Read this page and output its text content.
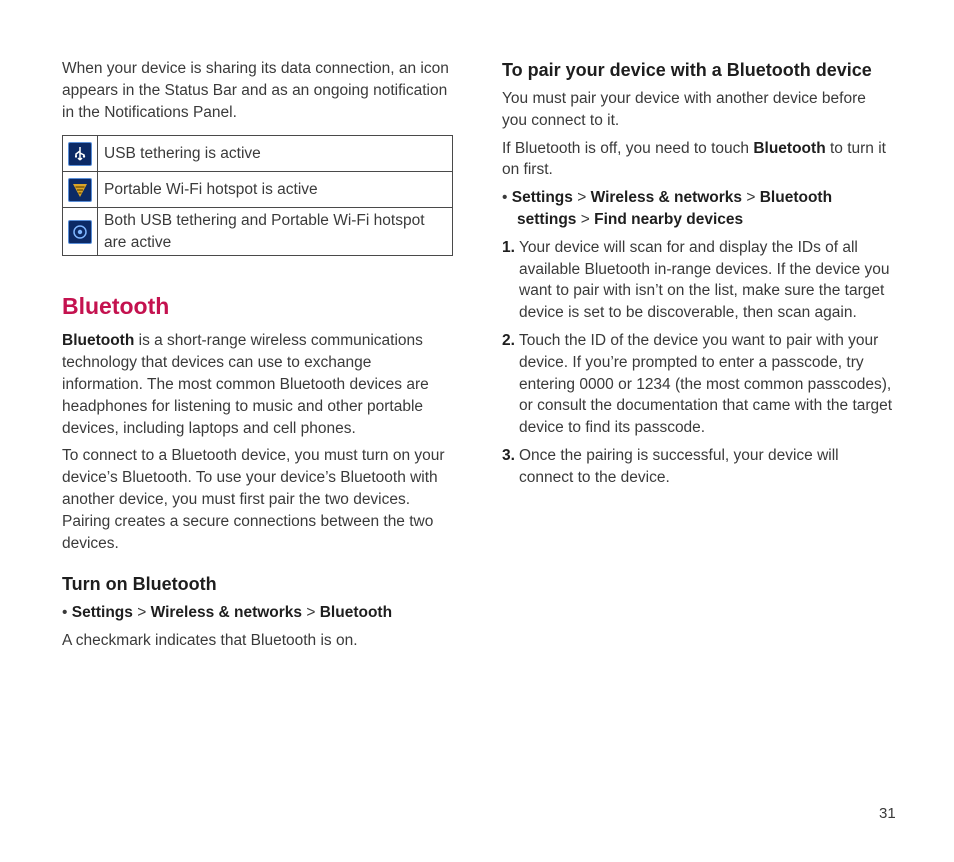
When your device is sharing its data connection, an icon appears in the Status Bar and as an ongoing notification in the Notifications Panel.

	USB tethering is active

	Portable Wi-Fi hotspot is active

	Both USB tethering and Portable Wi-Fi hotspot are active
Bluetooth

Bluetooth is a short-range wireless communications technology that devices can use to exchange information. The most common Bluetooth devices are headphones for listening to music and other portable devices, including laptops and cell phones.

To connect to a Bluetooth device, you must turn on your device’s Bluetooth. To use your device’s Bluetooth with another device, you must first pair the two devices. Pairing creates a secure connections between the two devices.

Turn on Bluetooth

• Settings > Wireless & networks > Bluetooth

A checkmark indicates that Bluetooth is on.

To pair your device with a Bluetooth device

You must pair your device with another device before you connect to it.

If Bluetooth is off, you need to touch Bluetooth to turn it on first.

• Settings > Wireless & networks > Bluetooth settings > Find nearby devices

1. Your device will scan for and display the IDs of all available Bluetooth in-range devices. If the device you want to pair with isn’t on the list, make sure the target device is set to be discoverable, then scan again.
2. Touch the ID of the device you want to pair with your device. If you’re prompted to enter a passcode, try entering 0000 or 1234 (the most common passcodes), or consult the documentation that came with the target device to find its passcode.
3. Once the pairing is successful, your device will connect to the device.
31
